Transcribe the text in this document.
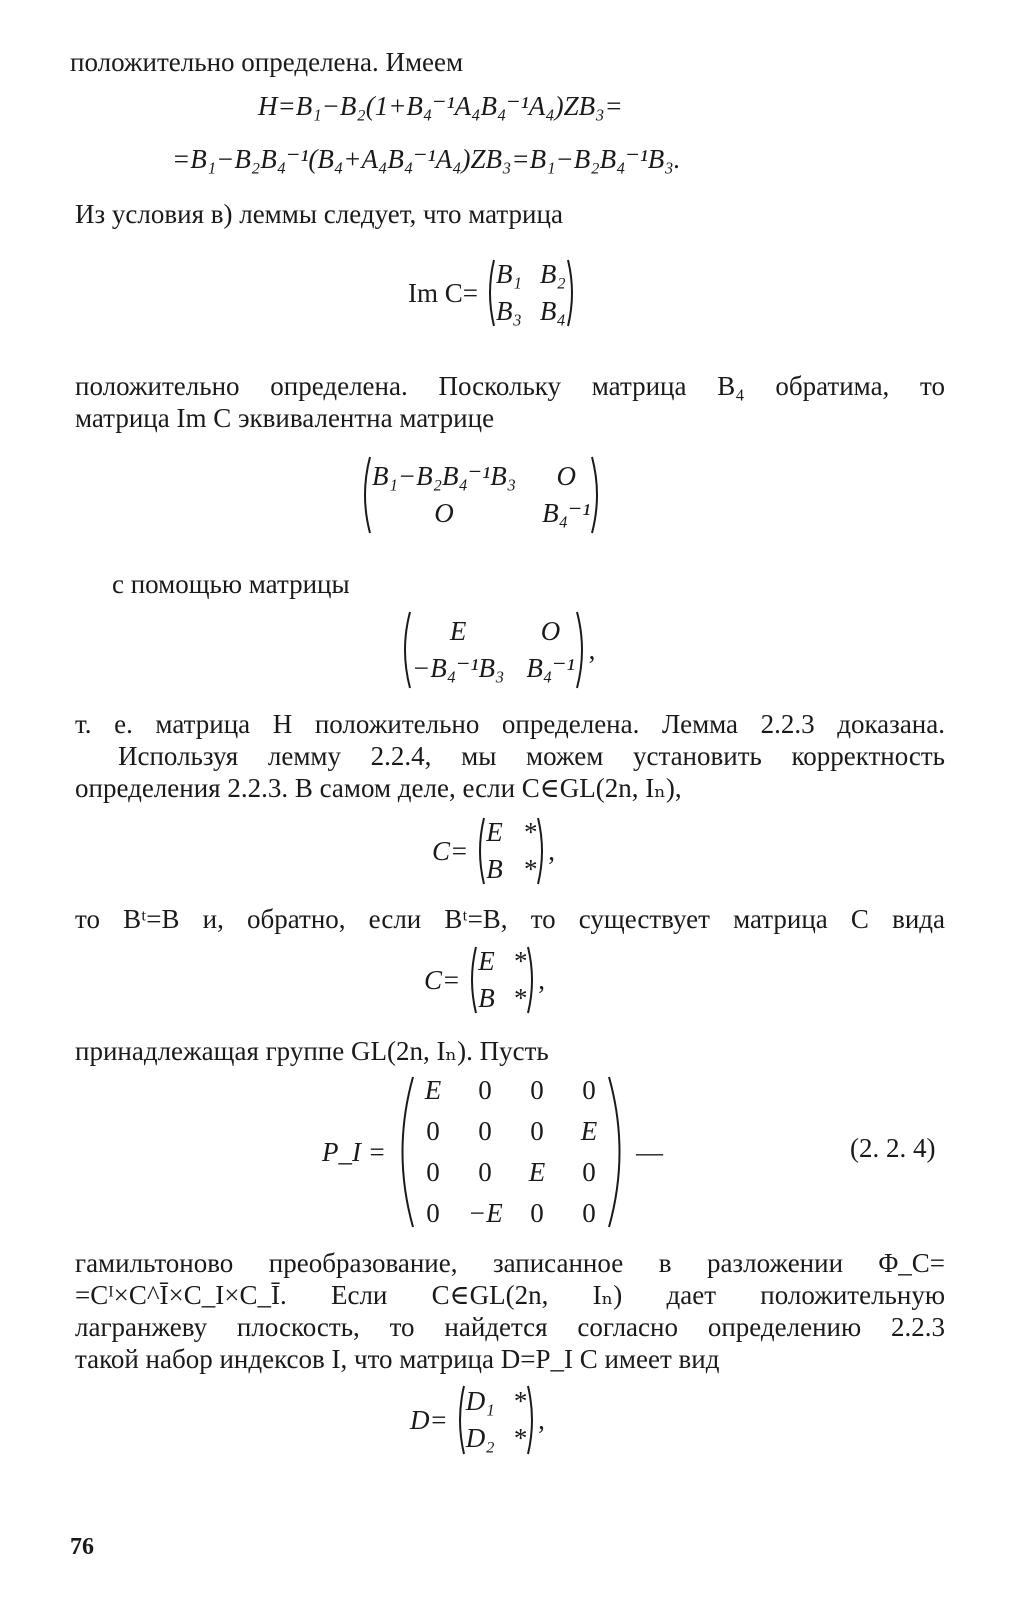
положительно определена. Имеем
H=B₁−B₂(1+B₄⁻¹A₄B₄⁻¹A₄)ZB₃=
=B₁−B₂B₄⁻¹(B₄+A₄B₄⁻¹A₄)ZB₃=B₁−B₂B₄⁻¹B₃.
Из условия в) леммы следует, что матрица
Im C=
B₁ B₂
B₃ B₄
положительно определена. Поскольку матрица B₄ обратима, то
матрица Im C эквивалентна матрице
B₁−B₂B₄⁻¹B₃	O
O	B₄⁻¹
с помощью матрицы
E	O
−B₄⁻¹B₃ B₄⁻¹
,
т. е. матрица H положительно определена. Лемма 2.2.3 доказана.
Используя лемму 2.2.4, мы можем установить корректность
определения 2.2.3. В самом деле, если C∈GL(2n, Iₙ),
C=
E *
B *
,
то Bᵗ=B и, обратно, если Bᵗ=B, то существует матрица C вида
C=
E *
B *
,
принадлежащая группе GL(2n, Iₙ). Пусть
P_I =
E	0	0	0
0	0	0	E
0	0	E	0
0	−E	0	0
—	(2. 2. 4)
гамильтоново преобразование, записанное в разложении Φ_C=
=Cᴵ×C^Ī×C_I×C_Ī. Если C∈GL(2n, Iₙ) дает положительную
лагранжеву плоскость, то найдется согласно определению 2.2.3
такой набор индексов I, что матрица D=P_I C имеет вид
D=
D₁ *
D₂ *
,
76
